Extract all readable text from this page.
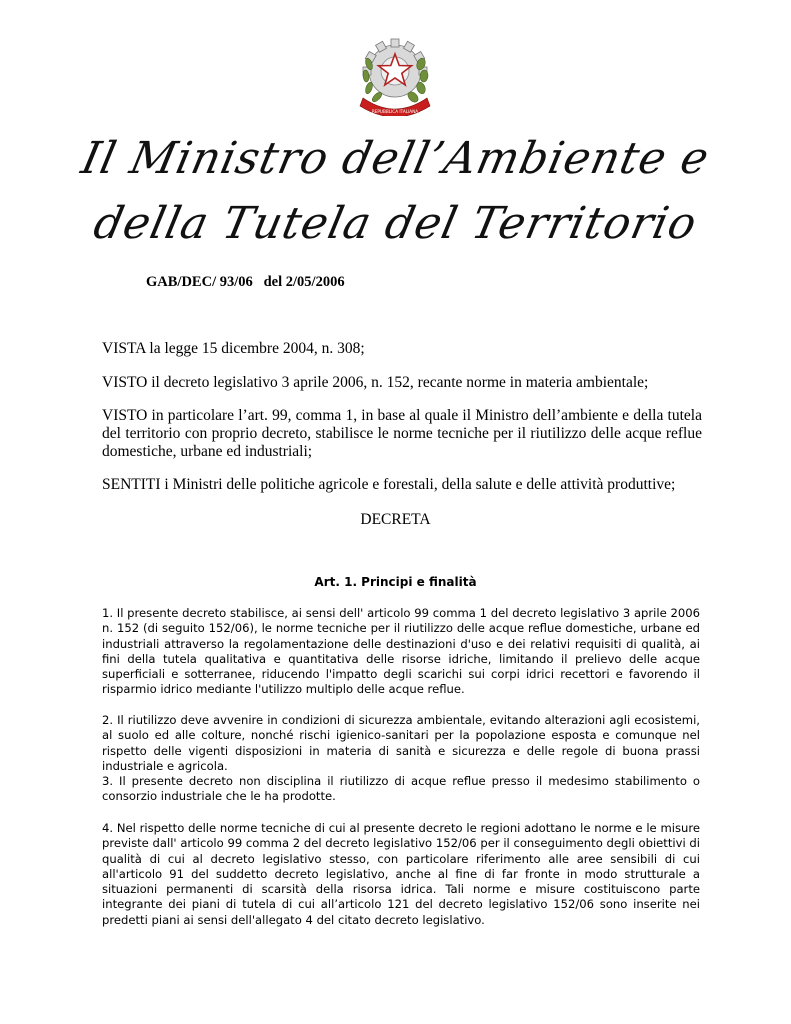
REPUBBLICA ITALIANA
Il Ministro dell’Ambiente e
della Tutela del Territorio
GAB/DEC/ 93/06   del 2/05/2006

VISTA la legge 15 dicembre 2004, n. 308;

VISTO il decreto legislativo 3 aprile 2006, n. 152, recante norme in materia ambientale;

VISTO in particolare l’art. 99, comma 1, in base al quale il Ministro dell’ambiente e della tutela del territorio con proprio decreto, stabilisce le norme tecniche per il riutilizzo delle acque reflue domestiche, urbane ed industriali;

SENTITI i Ministri delle politiche agricole e forestali, della salute e delle attività produttive;

DECRETA
Art. 1. Principi e finalità

1. Il presente decreto stabilisce, ai sensi dell' articolo 99 comma 1 del decreto legislativo 3 aprile 2006 n. 152 (di seguito 152/06), le norme tecniche per il riutilizzo delle acque reflue domestiche, urbane ed industriali attraverso la regolamentazione delle destinazioni d'uso e dei relativi requisiti di qualità, ai fini della tutela qualitativa e quantitativa delle risorse idriche, limitando il prelievo delle acque superficiali e sotterranee, riducendo l'impatto degli scarichi sui corpi idrici recettori e favorendo il risparmio idrico mediante l'utilizzo multiplo delle acque reflue.

2. Il riutilizzo deve avvenire in condizioni di sicurezza ambientale, evitando alterazioni agli ecosistemi, al suolo ed alle colture, nonché rischi igienico-sanitari per la popolazione esposta e comunque nel rispetto delle vigenti disposizioni in materia di sanità e sicurezza e delle regole di buona prassi industriale e agricola.

3. Il presente decreto non disciplina il riutilizzo di acque reflue presso il medesimo stabilimento o consorzio industriale che le ha prodotte.

4. Nel rispetto delle norme tecniche di cui al presente decreto le regioni adottano le norme e le misure previste dall' articolo 99 comma 2 del decreto legislativo 152/06 per il conseguimento degli obiettivi di qualità di cui al decreto legislativo stesso, con particolare riferimento alle aree sensibili di cui all'articolo 91 del suddetto decreto legislativo, anche al fine di far fronte in modo strutturale a situazioni permanenti di scarsità della risorsa idrica. Tali norme e misure costituiscono parte integrante dei piani di tutela di cui all’articolo 121 del decreto legislativo 152/06 sono inserite nei predetti piani ai sensi dell'allegato 4 del citato decreto legislativo.
